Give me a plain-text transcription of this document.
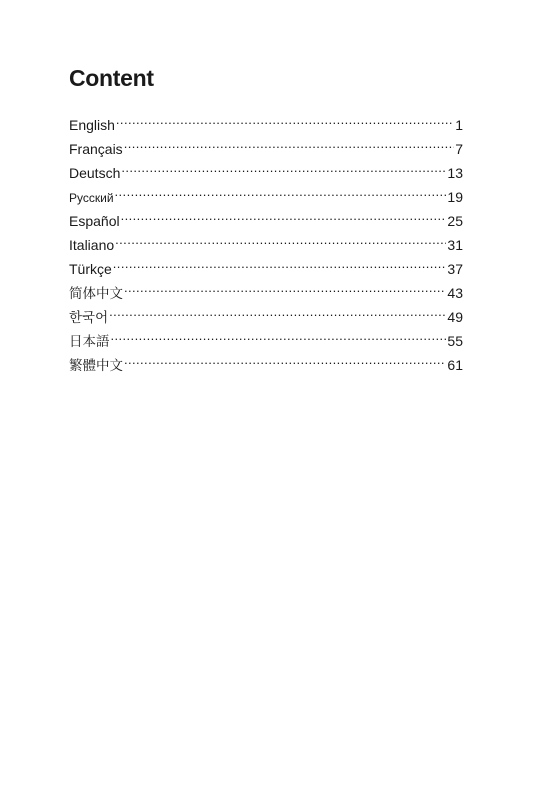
Content
English .....	1
Français .....	7
Deutsch .....	13
Русский .....	19
Español .....	25
Italiano .....	31
Türkçe .....	37
简体中文 .....	43
한국어 .....	49
日本語 .....	55
繁體中文 .....	61
